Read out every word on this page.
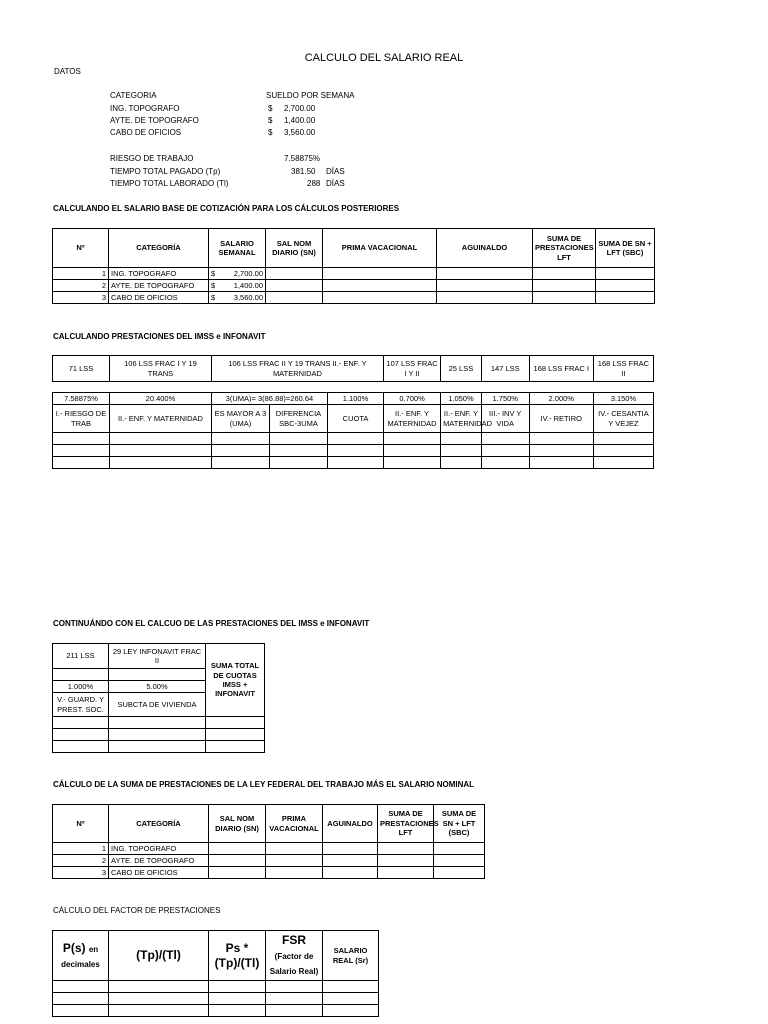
CALCULO DEL SALARIO REAL
DATOS
CATEGORIA	SUELDO POR SEMANA
ING. TOPOGRAFO	$ 2,700.00
AYTE. DE TOPOGRAFO	$ 1,400.00
CABO DE OFICIOS	$ 3,560.00
RIESGO DE TRABAJO	7.58875%
TIEMPO TOTAL PAGADO (Tp)	381.50 DÍAS
TIEMPO TOTAL LABORADO (Tl)	288 DÍAS
CALCULANDO EL SALARIO BASE DE COTIZACIÓN PARA LOS CÁLCULOS POSTERIORES
Nº	CATEGORÍA	SALARIO SEMANAL	SAL NOM DIARIO (SN)	PRIMA VACACIONAL	AGUINALDO	SUMA DE PRESTACIONES LFT	SUMA DE SN + LFT (SBC)
1	ING. TOPOGRAFO	$ 2,700.00					

2	AYTE. DE TOPOGRAFO	$ 1,400.00					

3	CABO DE OFICIOS	$ 3,560.00					

CALCULANDO PRESTACIONES DEL IMSS e INFONAVIT
71 LSS	106 LSS FRAC I Y 19 TRANS	106 LSS FRAC II Y 19 TRANS II.- ENF. Y MATERNIDAD	107 LSS FRAC I Y II	25 LSS	147 LSS	168 LSS FRAC I	168 LSS FRAC II
7.58875%	20.400%	3(UMA)= 3(86.88)=260.64		1.100%	0.700%	1.050%	1.750%	2.000%	3.150%
I.- RIESGO DE TRAB	II.- ENF. Y MATERNIDAD	ES MAYOR A 3 (UMA)	DIFERENCIA SBC-3UMA	CUOTA	II.- ENF. Y MATERNIDAD	II.- ENF. Y MATERNIDAD	III.- INV Y VIDA	IV.- RETIRO	IV.- CESANTIA Y VEJEZ

CONTINUÁNDO CON EL CALCUO DE LAS PRESTACIONES DEL IMSS e INFONAVIT
211 LSS	29 LEY INFONAVIT FRAC II	SUMA TOTAL DE CUOTAS IMSS + INFONAVIT

1.000%	5.00%	
V.- GUARD. Y PREST. SOC.	SUBCTA DE VIVIENDA	

CÁLCULO DE LA SUMA DE PRESTACIONES DE LA LEY FEDERAL DEL TRABAJO MÁS EL SALARIO NOMINAL
Nº	CATEGORÍA	SAL NOM DIARIO (SN)	PRIMA VACACIONAL	AGUINALDO	SUMA DE PRESTACIONES LFT	SUMA DE SN + LFT (SBC)
1	ING. TOPOGRAFO					
2	AYTE. DE TOPOGRAFO					
3	CABO DE OFICIOS					
CÁLCULO DEL FACTOR DE PRESTACIONES
P(s) en decimales	(Tp)/(Tl)	Ps * (Tp)/(Tl)	FSR (Factor de Salario Real)	SALARIO REAL (Sr)
